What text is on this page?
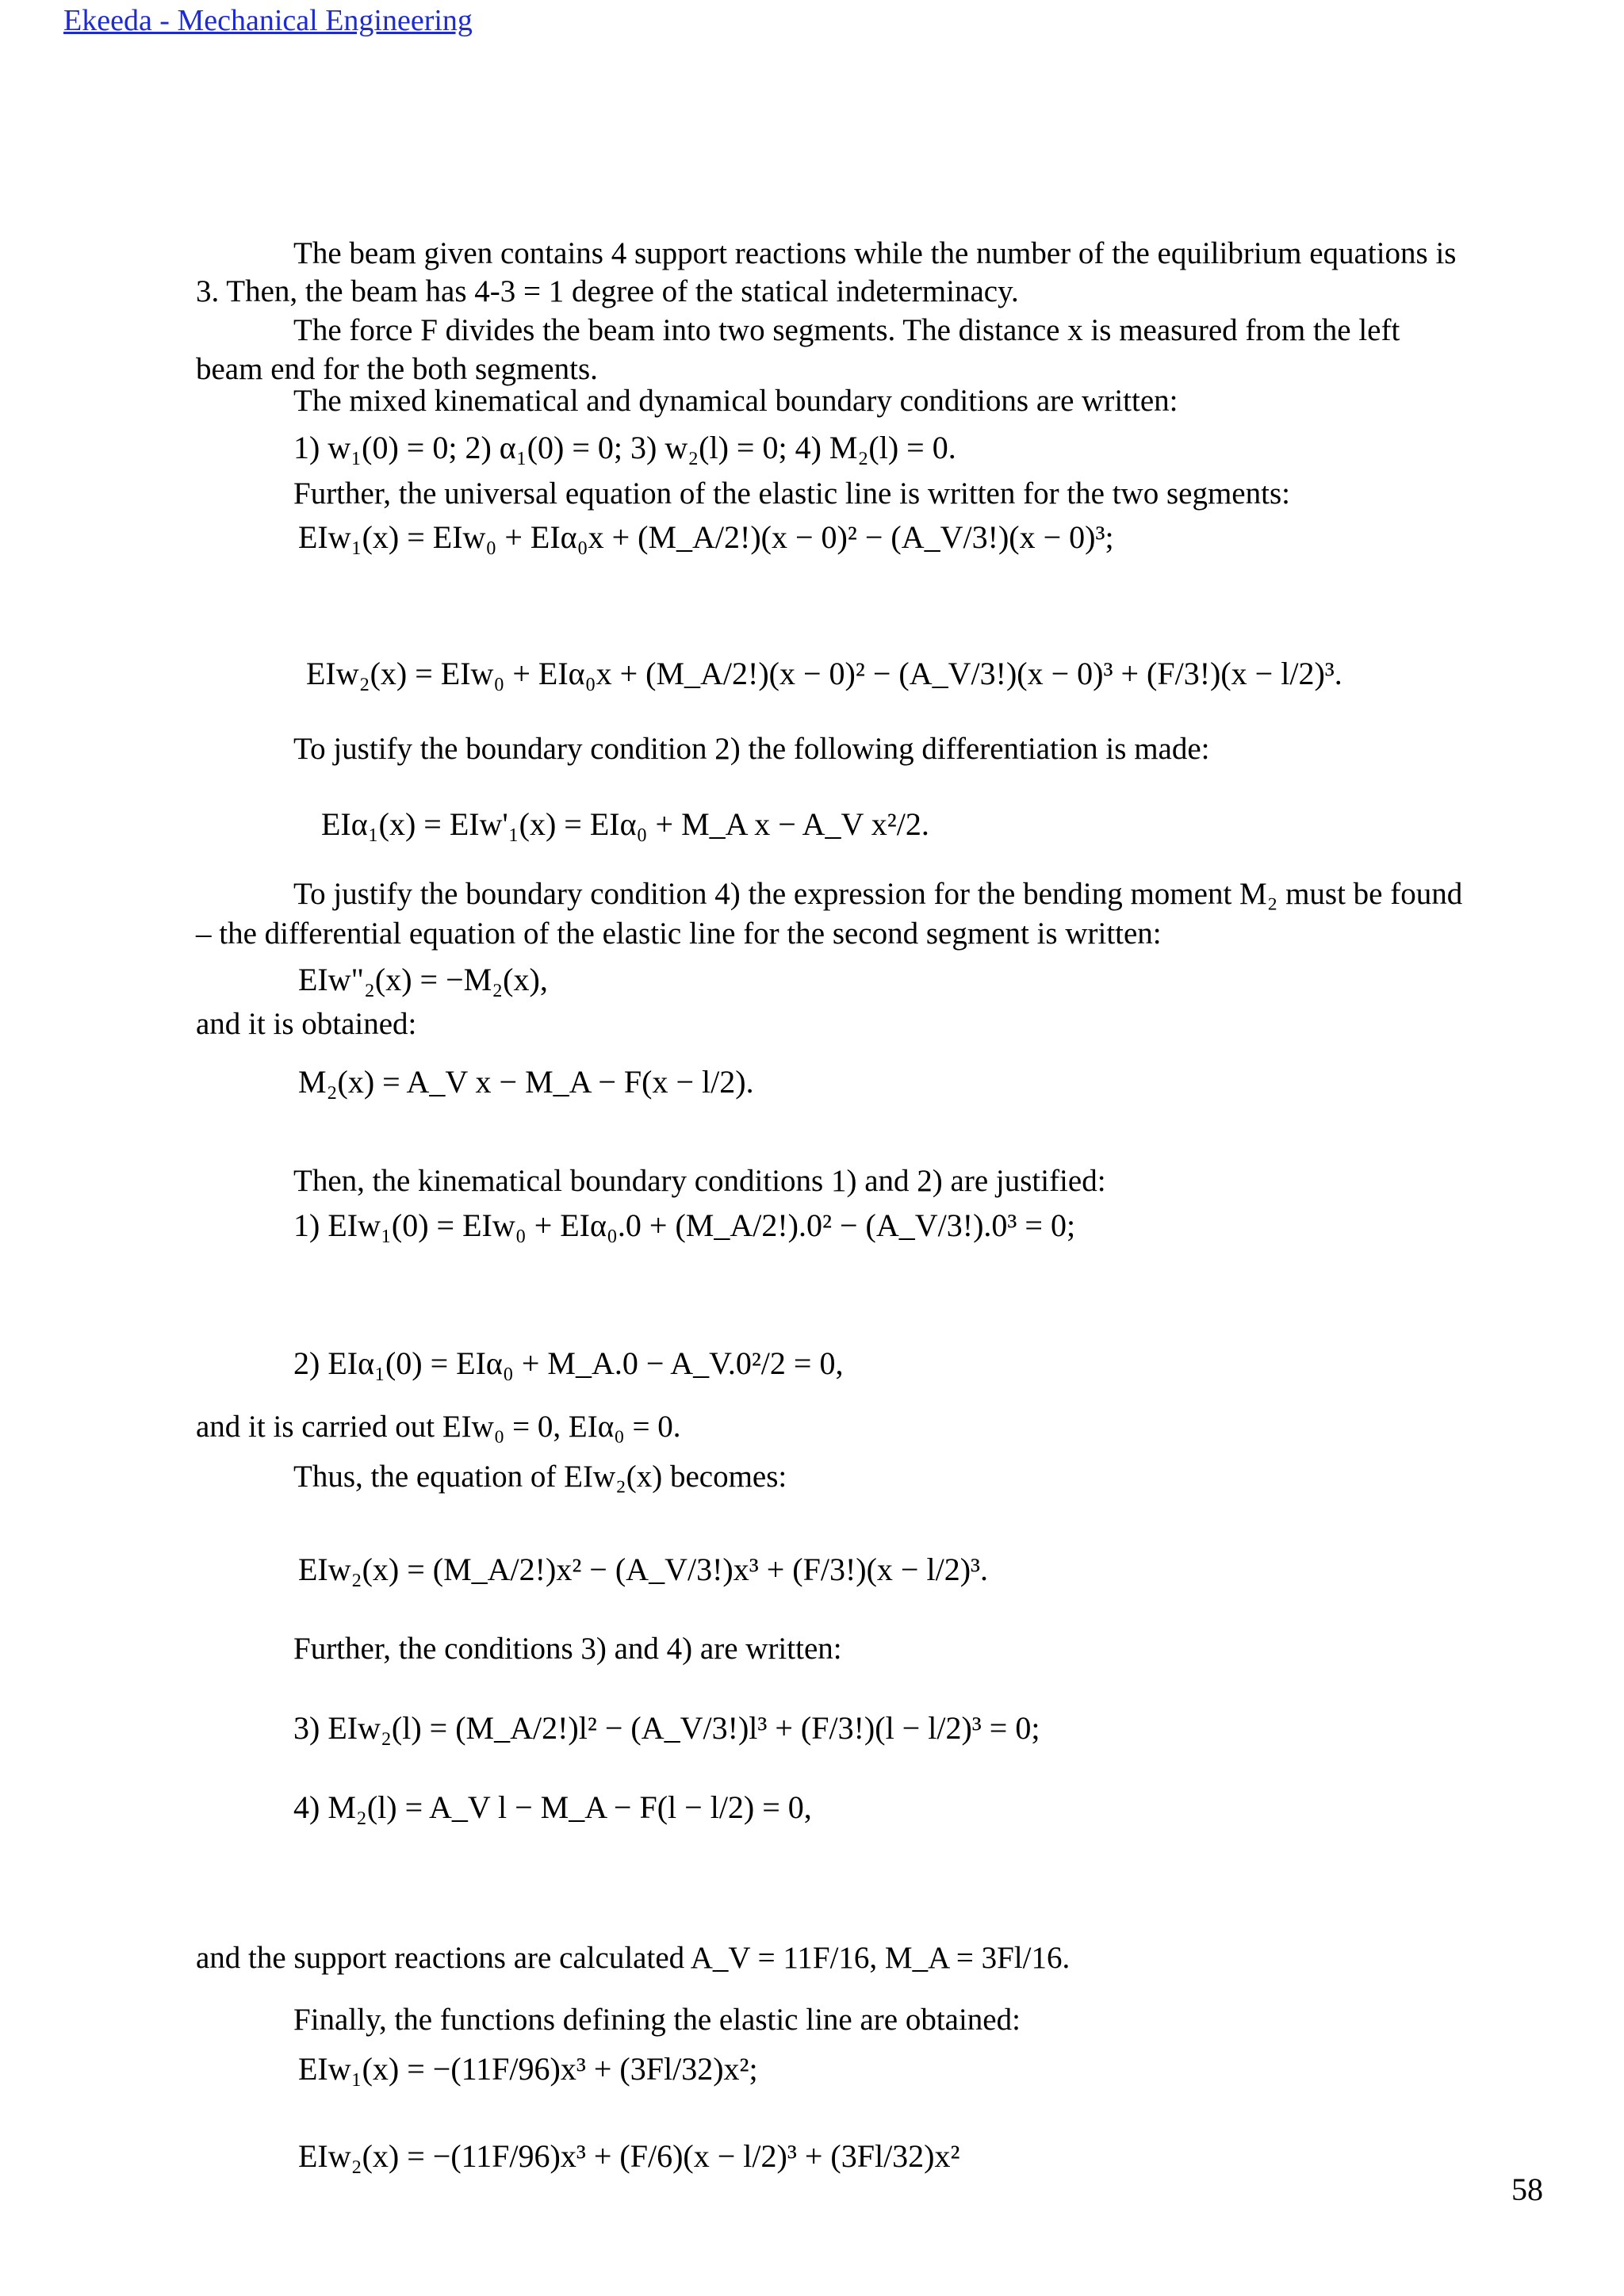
Ekeeda - Mechanical Engineering
The beam given contains 4 support reactions while the number of the equilibrium equations is
3. Then, the beam has 4-3 = 1 degree of the statical indeterminacy.
The force F divides the beam into two segments. The distance x is measured from the left
beam end for the both segments.
The mixed kinematical and dynamical boundary conditions are written:
1) w₁(0) = 0; 2) α₁(0) = 0; 3) w₂(l) = 0; 4) M₂(l) = 0.
Further, the universal equation of the elastic line is written for the two segments:
EIw₁(x) = EIw₀ + EIα₀x + (M_A/2!)(x − 0)² − (A_V/3!)(x − 0)³;
EIw₂(x) = EIw₀ + EIα₀x + (M_A/2!)(x − 0)² − (A_V/3!)(x − 0)³ + (F/3!)(x − l/2)³.
To justify the boundary condition 2) the following differentiation is made:
EIα₁(x) = EIw'₁(x) = EIα₀ + M_A x − A_V x²/2.
To justify the boundary condition 4) the expression for the bending moment M₂ must be found
– the differential equation of the elastic line for the second segment is written:
EIw"₂(x) = −M₂(x),
and it is obtained:
M₂(x) = A_V x − M_A − F(x − l/2).
Then, the kinematical boundary conditions 1) and 2) are justified:
1) EIw₁(0) = EIw₀ + EIα₀.0 + (M_A/2!).0² − (A_V/3!).0³ = 0;
2) EIα₁(0) = EIα₀ + M_A.0 − A_V.0²/2 = 0,
and it is carried out EIw₀ = 0, EIα₀ = 0.
Thus, the equation of EIw₂(x) becomes:
EIw₂(x) = (M_A/2!)x² − (A_V/3!)x³ + (F/3!)(x − l/2)³.
Further, the conditions 3) and 4) are written:
3) EIw₂(l) = (M_A/2!)l² − (A_V/3!)l³ + (F/3!)(l − l/2)³ = 0;
4) M₂(l) = A_V l − M_A − F(l − l/2) = 0,
and the support reactions are calculated A_V = 11F/16, M_A = 3Fl/16.
Finally, the functions defining the elastic line are obtained:
EIw₁(x) = −(11F/96)x³ + (3Fl/32)x²;
EIw₂(x) = −(11F/96)x³ + (F/6)(x − l/2)³ + (3Fl/32)x²
58
